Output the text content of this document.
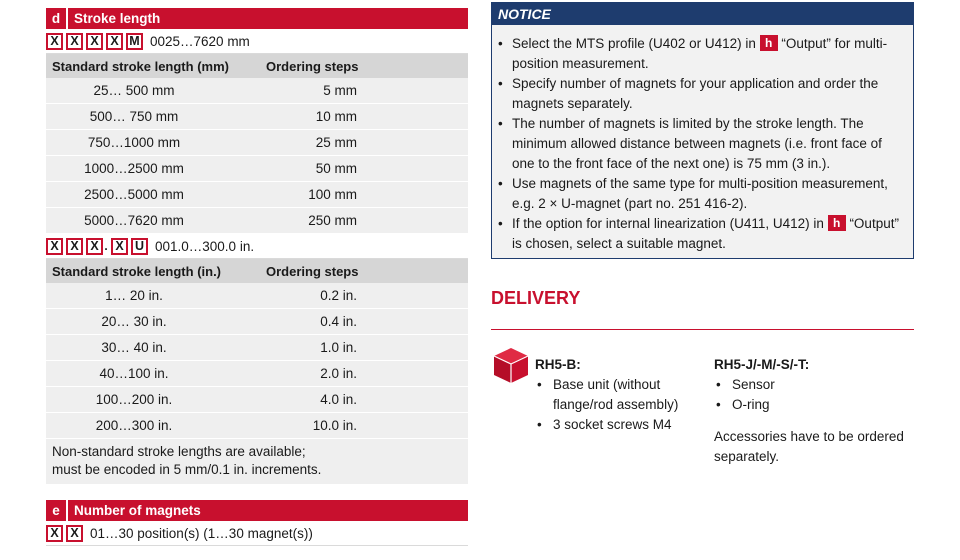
d	Stroke length
X X X X M 0025…7620 mm
Standard stroke length (mm)	Ordering steps
25… 500 mm	5 mm
500… 750 mm	10 mm
750…1000 mm	25 mm
1000…2500 mm	50 mm
2500…5000 mm	100 mm
5000…7620 mm	250 mm
X X X . X U 001.0…300.0 in.
Standard stroke length (in.)	Ordering steps
1… 20 in.	0.2 in.
20… 30 in.	0.4 in.
30… 40 in.	1.0 in.
40…100 in.	2.0 in.
100…200 in.	4.0 in.
200…300 in.	10.0 in.
Non-standard stroke lengths are available;
must be encoded in 5 mm/0.1 in. increments.
e	Number of magnets
X X 01…30 position(s) (1…30 magnet(s))
NOTICE
• Select the MTS profile (U402 or U412) in h “Output” for multi-position measurement.
• Specify number of magnets for your application and order the magnets separately.
• The number of magnets is limited by the stroke length. The minimum allowed distance between magnets (i.e. front face of one to the front face of the next one) is 75 mm (3 in.).
• Use magnets of the same type for multi-position measurement, e.g. 2 × U-magnet (part no. 251 416-2).
• If the option for internal linearization (U411, U412) in h “Output” is chosen, select a suitable magnet.
DELIVERY
RH5-B:
• Base unit (without flange/rod assembly)
• 3 socket screws M4
RH5-J/-M/-S/-T:
• Sensor
• O-ring
Accessories have to be ordered separately.
